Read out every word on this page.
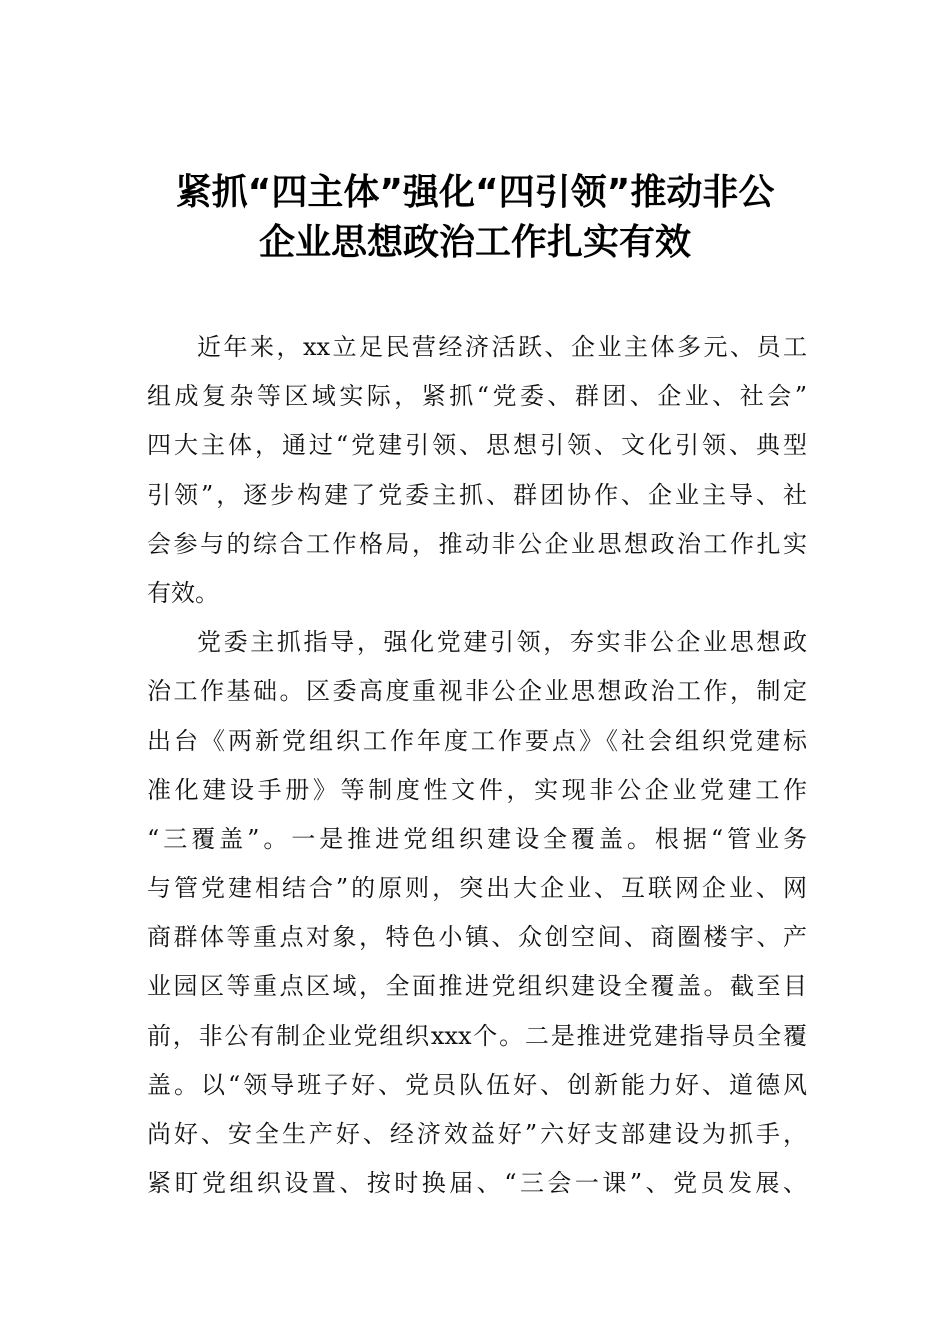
紧抓“四主体”强化“四引领”推动非公
企业思想政治工作扎实有效
近年来，xx立足民营经济活跃、企业主体多元、员工
组成复杂等区域实际，紧抓“党委、群团、企业、社会”
四大主体，通过“党建引领、思想引领、文化引领、典型
引领”，逐步构建了党委主抓、群团协作、企业主导、社
会参与的综合工作格局，推动非公企业思想政治工作扎实
有效。
党委主抓指导，强化党建引领，夯实非公企业思想政
治工作基础。区委高度重视非公企业思想政治工作，制定
出台《两新党组织工作年度工作要点》《社会组织党建标
准化建设手册》等制度性文件，实现非公企业党建工作
“三覆盖”。一是推进党组织建设全覆盖。根据“管业务
与管党建相结合”的原则，突出大企业、互联网企业、网
商群体等重点对象，特色小镇、众创空间、商圈楼宇、产
业园区等重点区域，全面推进党组织建设全覆盖。截至目
前，非公有制企业党组织xxx个。二是推进党建指导员全覆
盖。以“领导班子好、党员队伍好、创新能力好、道德风
尚好、安全生产好、经济效益好”六好支部建设为抓手，
紧盯党组织设置、按时换届、“三会一课”、党员发展、
